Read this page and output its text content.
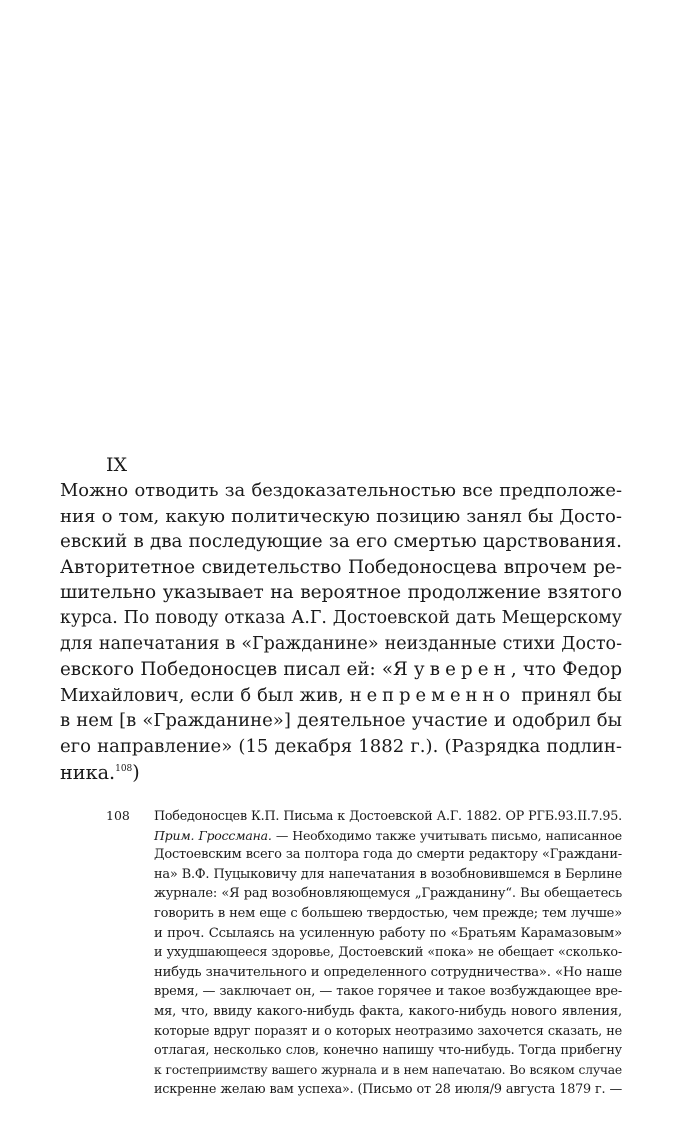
IX
Можно отводить за бездоказательностью все предположе-
ния о том, какую политическую позицию занял бы Досто-
евский в два последующие за его смертью царствования.
Авторитетное свидетельство Победоносцева впрочем ре-
шительно указывает на вероятное продолжение взятого
курса. По поводу отказа А.Г. Достоевской дать Мещерскому
для напечатания в «Гражданине» неизданные стихи Досто-
евского Победоносцев писал ей: «Я уверен, что Федор
Михайлович, если б был жив, непременно принял бы
в нем [в «Гражданине»] деятельное участие и одобрил бы
его направление» (15 декабря 1882 г.). (Разрядка подлин-
ника.$^{108}$)
108 Победоносцев К.П. Письма к Достоевской А.Г. 1882. ОР РГБ.93.II.7.95.
Прим. Гроссмана. — Необходимо также учитывать письмо, написанное
Достоевским всего за полтора года до смерти редактору «Граждани-
на» В.Ф. Пуцыковичу для напечатания в возобновившемся в Берлине
журнале: «Я рад возобновляющемуся „Гражданину“. Вы обещаетесь
говорить в нем еще с большею твердостью, чем прежде; тем лучше»
и проч. Ссылаясь на усиленную работу по «Братьям Карамазовым»
и ухудшающееся здоровье, Достоевский «пока» не обещает «сколько-
нибудь значительного и определенного сотрудничества». «Но наше
время, — заключает он, — такое горячее и такое возбуждающее вре-
мя, что, ввиду какого-нибудь факта, какого-нибудь нового явления,
которые вдруг поразят и о которых неотразимо захочется сказать, не
отлагая, несколько слов, конечно напишу что-нибудь. Тогда прибегну
к гостеприимству вашего журнала и в нем напечатаю. Во всяком случае
искренне желаю вам успеха». (Письмо от 28 июля/9 августа 1879 г. —
